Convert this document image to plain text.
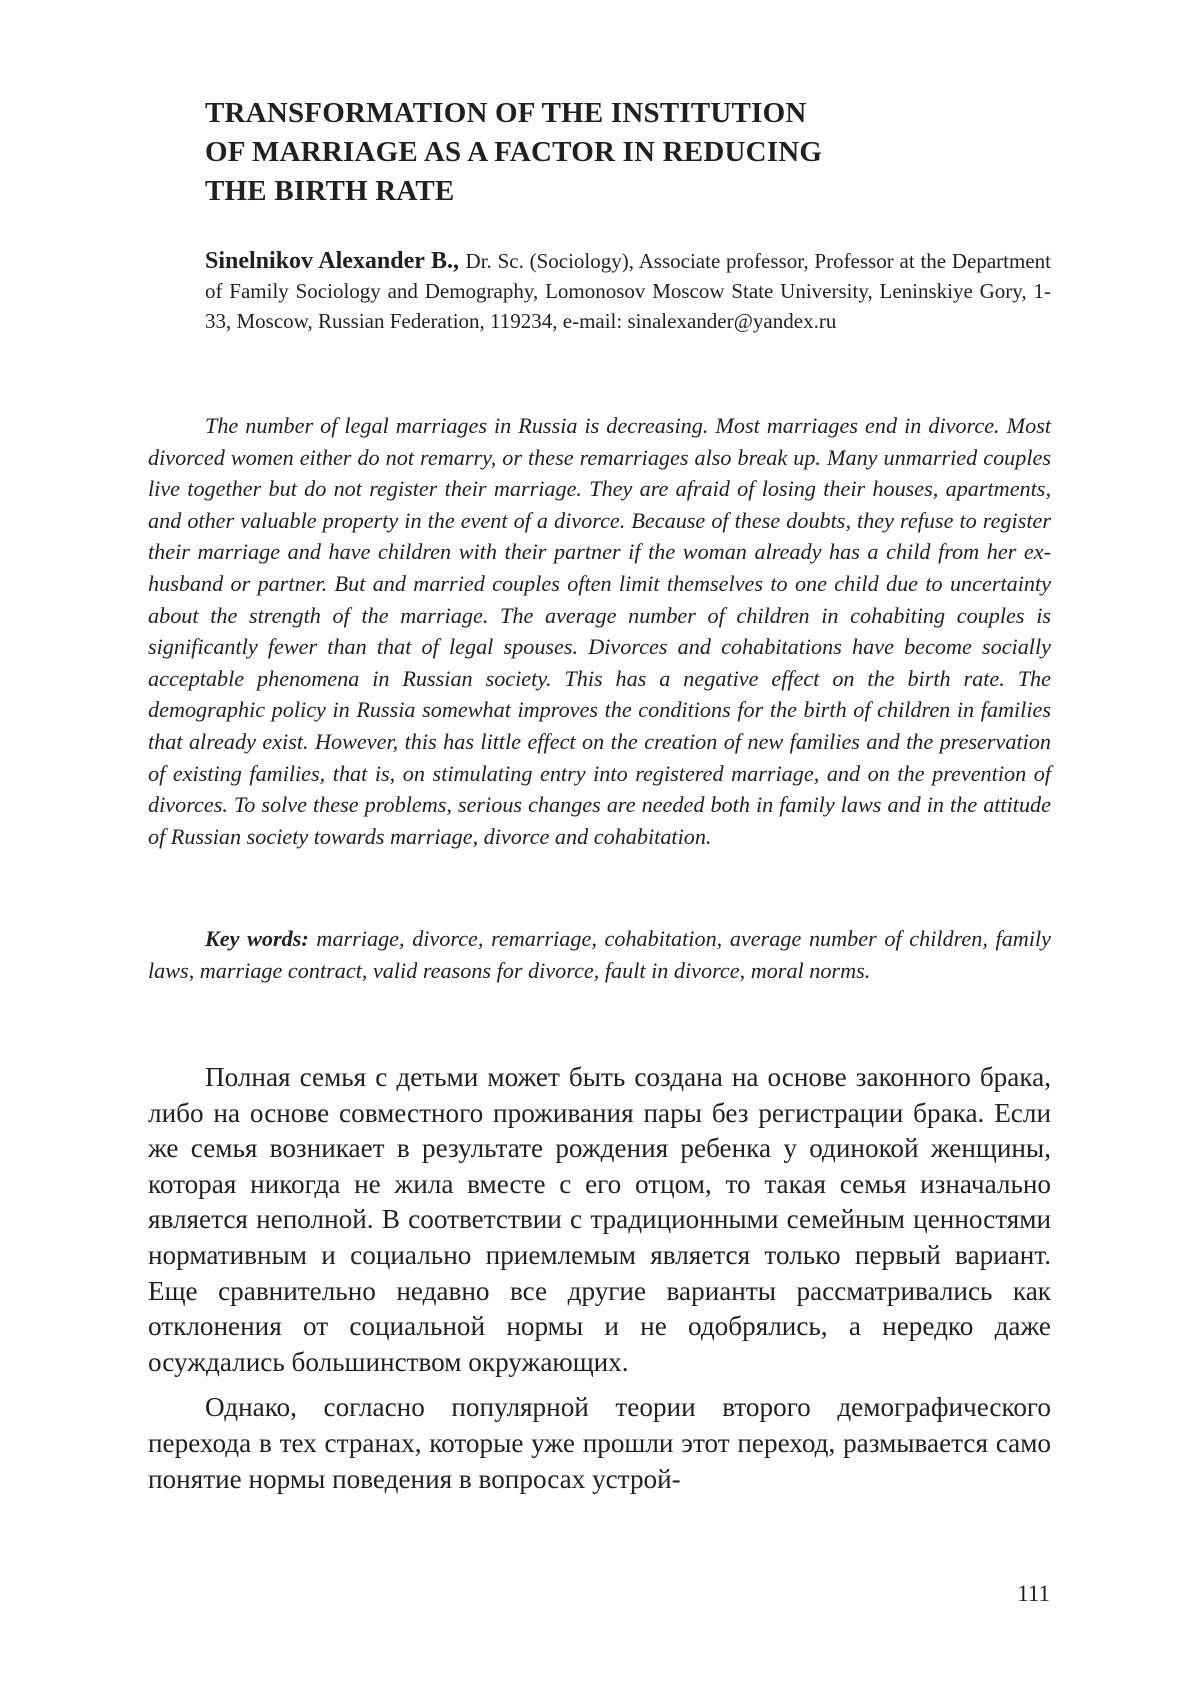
TRANSFORMATION OF THE INSTITUTION
OF MARRIAGE AS A FACTOR IN REDUCING
THE BIRTH RATE

Sinelnikov Alexander B., Dr. Sc. (Sociology), Associate professor, Professor at the Department of Family Sociology and Demography, Lomonosov Moscow State University, Leninskiye Gory, 1-33, Moscow, Russian Federation, 119234, e-mail: sinalexander@yandex.ru

The number of legal marriages in Russia is decreasing. Most marriages end in divorce. Most divorced women either do not remarry, or these remarriages also break up. Many unmarried couples live together but do not register their marriage. They are afraid of losing their houses, apartments, and other valuable property in the event of a divorce. Because of these doubts, they refuse to register their marriage and have children with their partner if the woman already has a child from her ex-husband or partner. But and married couples often limit themselves to one child due to uncertainty about the strength of the marriage. The average number of children in cohabiting couples is significantly fewer than that of legal spouses. Divorces and cohabitations have become socially acceptable phenomena in Russian society. This has a negative effect on the birth rate. The demographic policy in Russia somewhat improves the conditions for the birth of children in families that already exist. However, this has little effect on the creation of new families and the preservation of existing families, that is, on stimulating entry into registered marriage, and on the prevention of divorces. To solve these problems, serious changes are needed both in family laws and in the attitude of Russian society towards marriage, divorce and cohabitation.

Key words: marriage, divorce, remarriage, cohabitation, average number of children, family laws, marriage contract, valid reasons for divorce, fault in divorce, moral norms.

Полная семья с детьми может быть создана на основе законного брака, либо на основе совместного проживания пары без регистрации брака. Если же семья возникает в результате рождения ребенка у одинокой женщины, которая никогда не жила вместе с его отцом, то такая семья изначально является неполной. В соответствии с традиционными семейным ценностями нормативным и социально приемлемым является только первый вариант. Еще сравнительно недавно все другие варианты рассматривались как отклонения от социальной нормы и не одобрялись, а нередко даже осуждались большинством окружающих.

Однако, согласно популярной теории второго демографического перехода в тех странах, которые уже прошли этот переход, размывается само понятие нормы поведения в вопросах устрой-

111
